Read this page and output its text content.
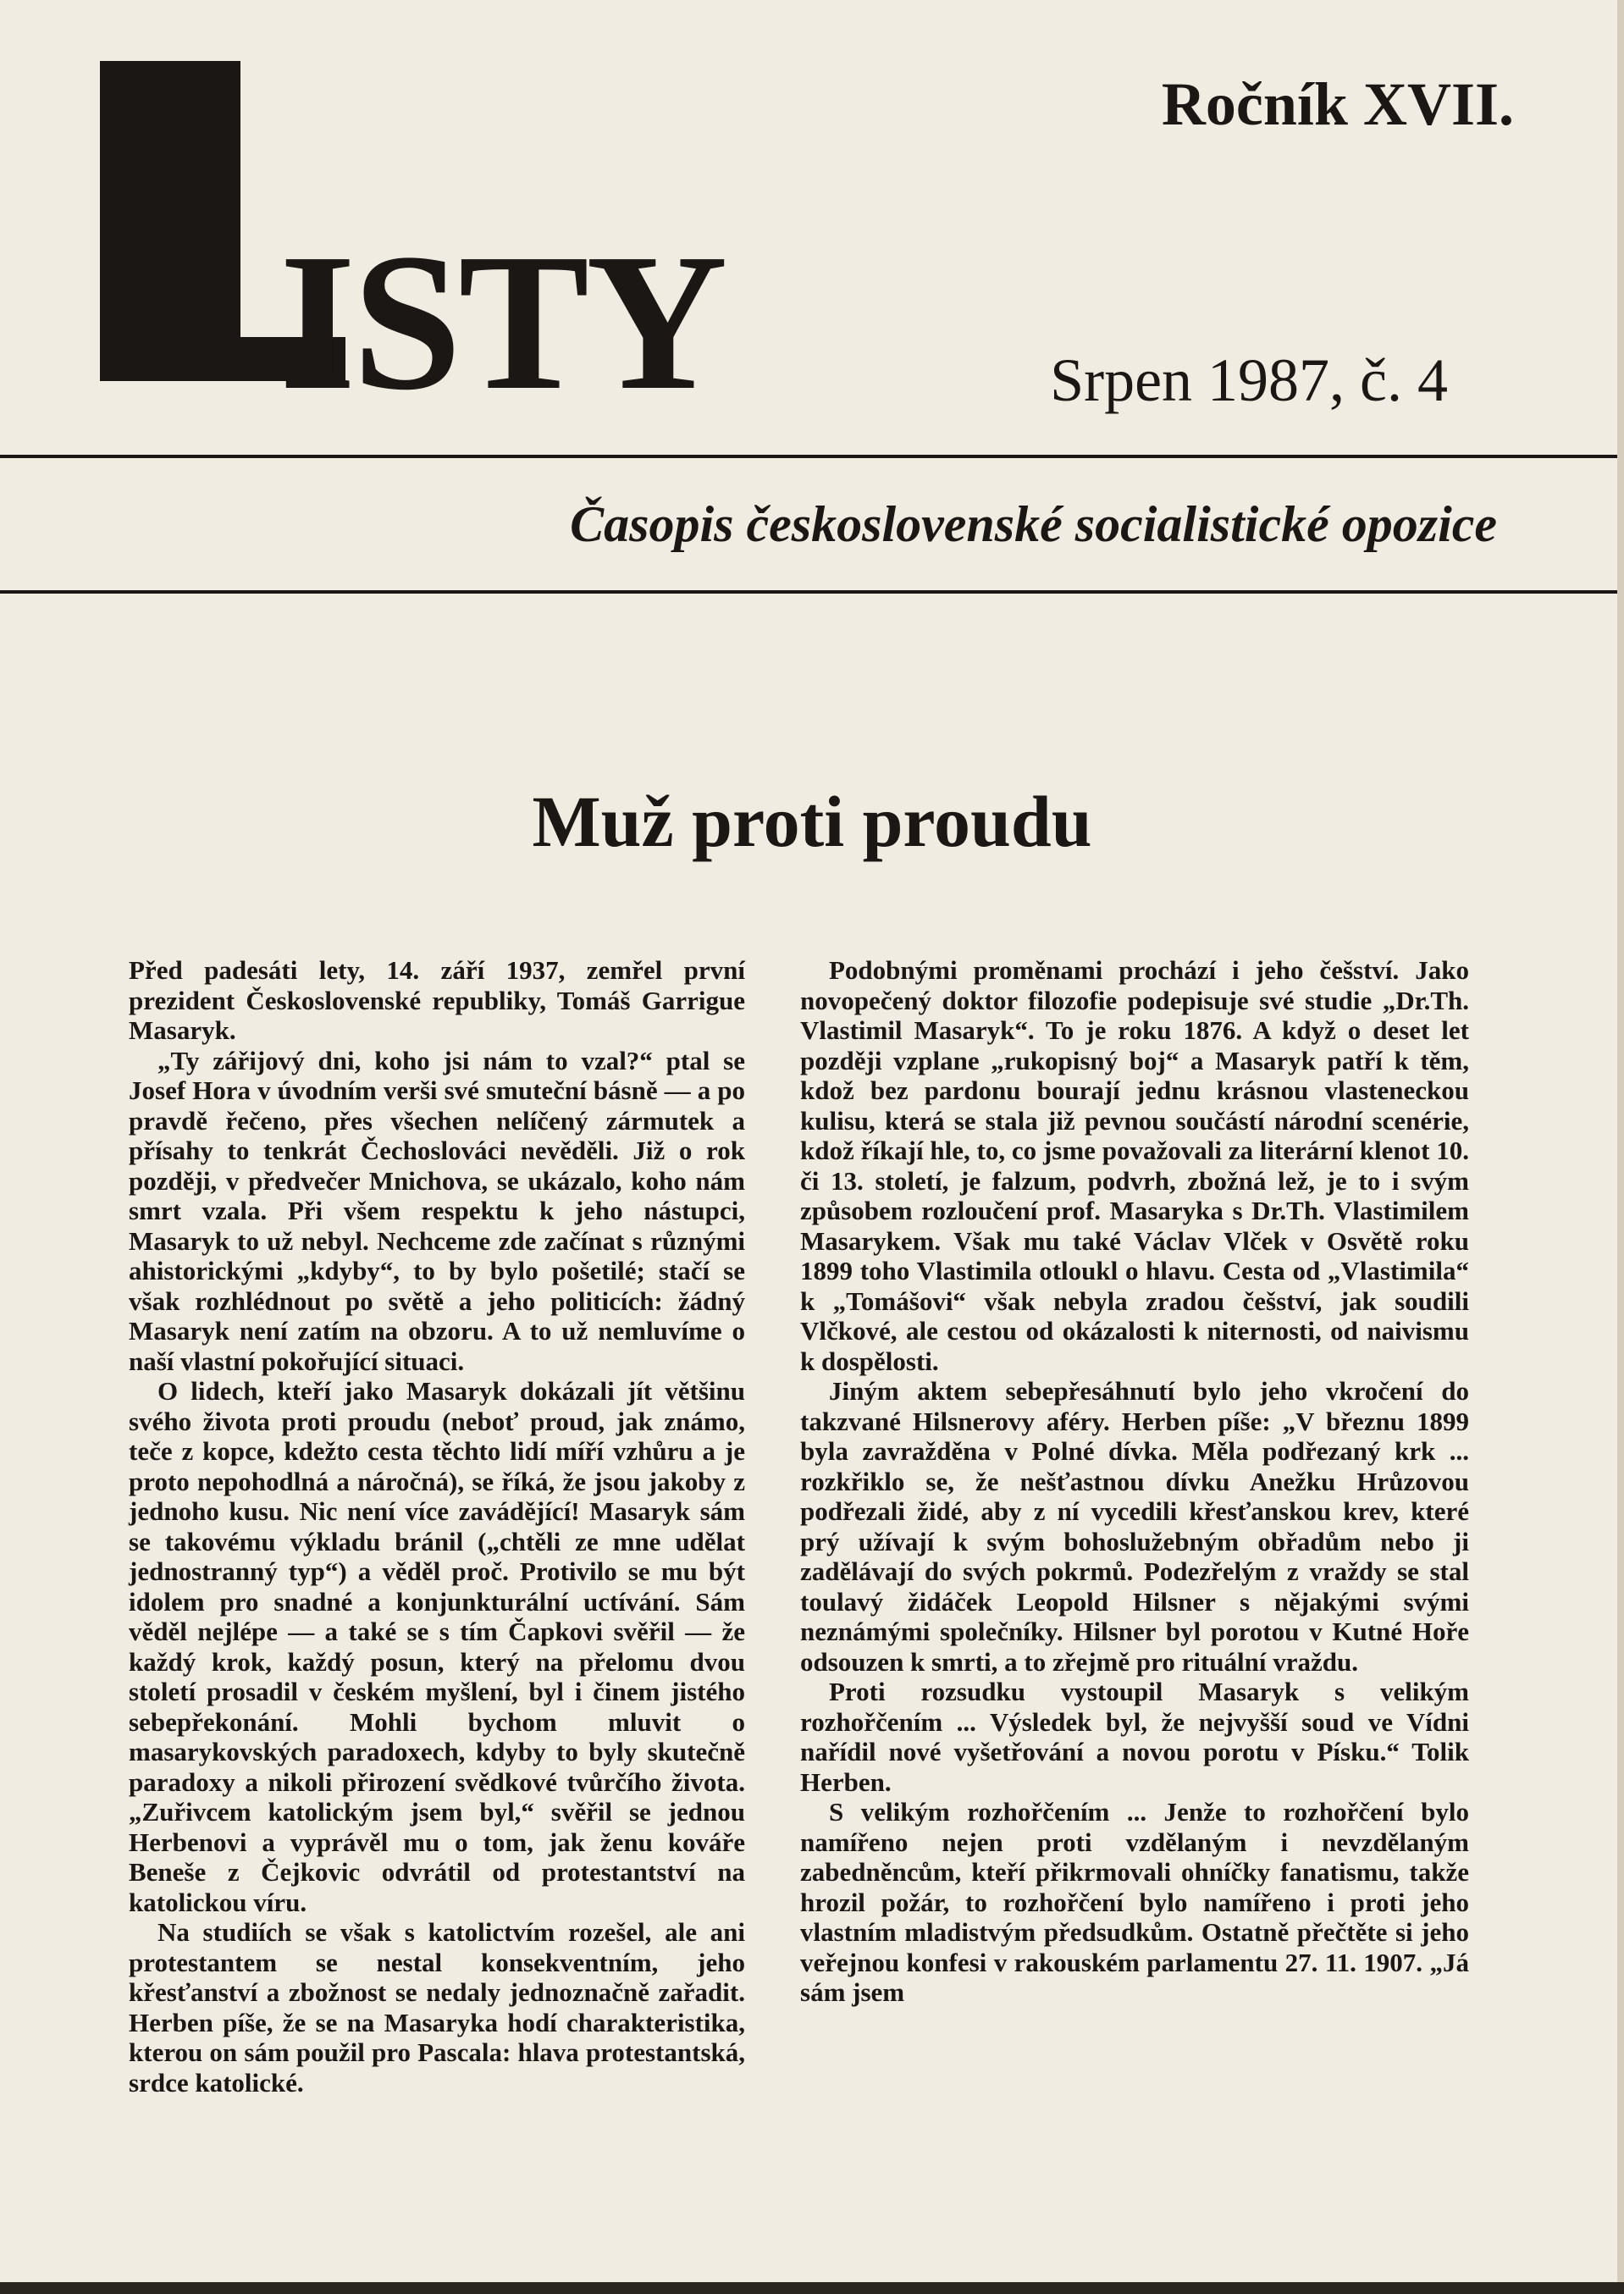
ISTY
Ročník XVII.
Srpen 1987, č. 4
Časopis československé socialistické opozice
Muž proti proudu

Před padesáti lety, 14. září 1937, zemřel první prezident Československé republiky, Tomáš Garrigue Masaryk.

„Ty zářijový dni, koho jsi nám to vzal?“ ptal se Josef Hora v úvodním verši své smuteční básně — a po pravdě řečeno, přes všechen nelíčený zármutek a přísahy to tenkrát Čechoslováci nevěděli. Již o rok později, v předvečer Mnichova, se ukázalo, koho nám smrt vzala. Při všem respektu k jeho nástupci, Masaryk to už nebyl. Nechceme zde začínat s různými ahistorickými „kdyby“, to by bylo pošetilé; stačí se však rozhlédnout po světě a jeho politicích: žádný Masaryk není zatím na obzoru. A to už nemluvíme o naší vlastní pokořující situaci.

O lidech, kteří jako Masaryk dokázali jít většinu svého života proti proudu (neboť proud, jak známo, teče z kopce, kdežto cesta těchto lidí míří vzhůru a je proto nepohodlná a náročná), se říká, že jsou jakoby z jednoho kusu. Nic není více zavádějící! Masaryk sám se takovému výkladu bránil („chtěli ze mne udělat jednostranný typ“) a věděl proč. Protivilo se mu být idolem pro snadné a konjunkturální uctívání. Sám věděl nejlépe — a také se s tím Čapkovi svěřil — že každý krok, každý posun, který na přelomu dvou století prosadil v českém myšlení, byl i činem jistého sebepřekonání. Mohli bychom mluvit o masarykovských paradoxech, kdyby to byly skutečně paradoxy a nikoli přirození svědkové tvůrčího života. „Zuřivcem katolickým jsem byl,“ svěřil se jednou Herbenovi a vyprávěl mu o tom, jak ženu kováře Beneše z Čejkovic odvrátil od protestantství na katolickou víru.

Na studiích se však s katolictvím rozešel, ale ani protestantem se nestal konsekventním, jeho křesťanství a zbožnost se nedaly jednoznačně zařadit. Herben píše, že se na Masaryka hodí charakteristika, kterou on sám použil pro Pascala: hlava protestantská, srdce katolické.

Podobnými proměnami prochází i jeho češství. Jako novopečený doktor filozofie podepisuje své studie „Dr.Th. Vlastimil Masaryk“. To je roku 1876. A když o deset let později vzplane „rukopisný boj“ a Masaryk patří k těm, kdož bez pardonu bourají jednu krásnou vlasteneckou kulisu, která se stala již pevnou součástí národní scenérie, kdož říkají hle, to, co jsme považovali za literární klenot 10. či 13. století, je falzum, podvrh, zbožná lež, je to i svým způsobem rozloučení prof. Masaryka s Dr.Th. Vlastimilem Masarykem. Však mu také Václav Vlček v Osvětě roku 1899 toho Vlastimila otloukl o hlavu. Cesta od „Vlastimila“ k „Tomášovi“ však nebyla zradou češství, jak soudili Vlčkové, ale cestou od okázalosti k niternosti, od naivismu k dospělosti.

Jiným aktem sebepřesáhnutí bylo jeho vkročení do takzvané Hilsnerovy aféry. Herben píše: „V březnu 1899 byla zavražděna v Polné dívka. Měla podřezaný krk ... rozkřiklo se, že nešťastnou dívku Anežku Hrůzovou podřezali židé, aby z ní vycedili křesťanskou krev, které prý užívají k svým bohoslužebným obřadům nebo ji zadělávají do svých pokrmů. Podezřelým z vraždy se stal toulavý židáček Leopold Hilsner s nějakými svými neznámými společníky. Hilsner byl porotou v Kutné Hoře odsouzen k smrti, a to zřejmě pro rituální vraždu.

Proti rozsudku vystoupil Masaryk s velikým rozhořčením ... Výsledek byl, že nejvyšší soud ve Vídni nařídil nové vyšetřování a novou porotu v Písku.“ Tolik Herben.

S velikým rozhořčením ... Jenže to rozhořčení bylo namířeno nejen proti vzdělaným i nevzdělaným zabedněncům, kteří přikrmovali ohníčky fanatismu, takže hrozil požár, to rozhořčení bylo namířeno i proti jeho vlastním mladistvým předsudkům. Ostatně přečtěte si jeho veřejnou konfesi v rakouském parlamentu 27. 11. 1907. „Já sám jsem
